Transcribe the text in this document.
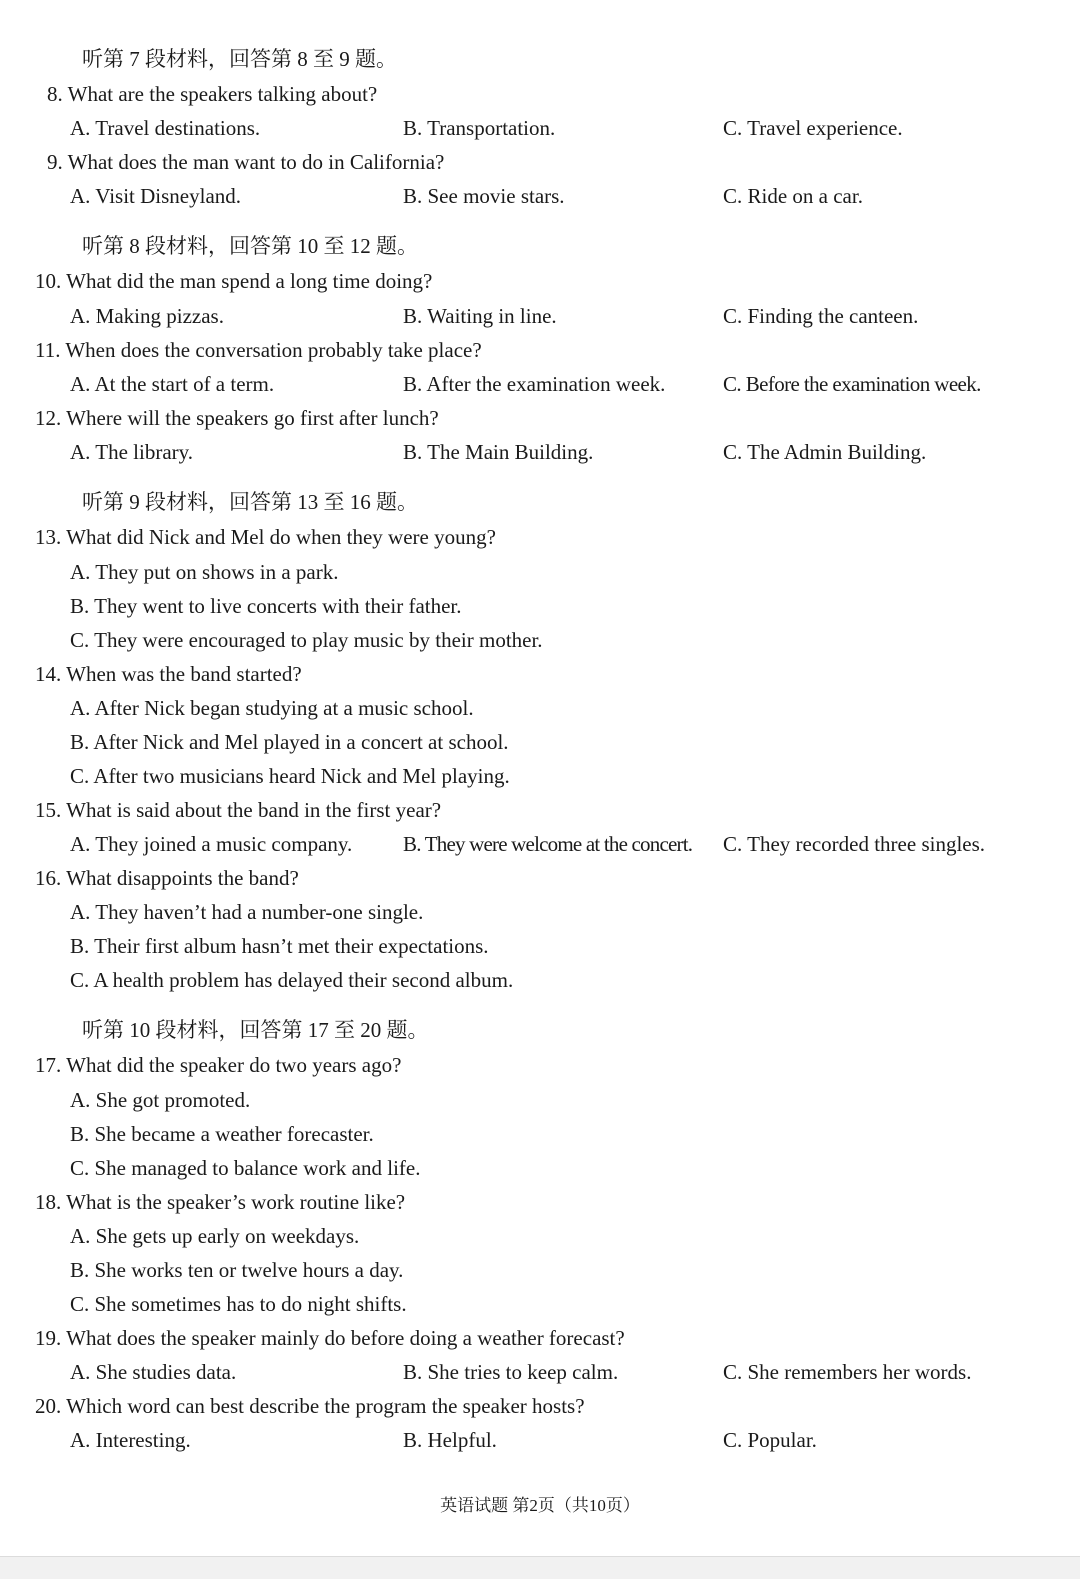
听第 7 段材料，回答第 8 至 9 题。
8. What are the speakers talking about?
A. Travel destinations.	B. Transportation.	C. Travel experience.
9. What does the man want to do in California?
A. Visit Disneyland.	B. See movie stars.	C. Ride on a car.
听第 8 段材料，回答第 10 至 12 题。
10. What did the man spend a long time doing?
A. Making pizzas.	B. Waiting in line.	C. Finding the canteen.
11. When does the conversation probably take place?
A. At the start of a term.	B. After the examination week.	C. Before the examination week.
12. Where will the speakers go first after lunch?
A. The library.	B. The Main Building.	C. The Admin Building.
听第 9 段材料，回答第 13 至 16 题。
13. What did Nick and Mel do when they were young?
A. They put on shows in a park.
B. They went to live concerts with their father.
C. They were encouraged to play music by their mother.
14. When was the band started?
A. After Nick began studying at a music school.
B. After Nick and Mel played in a concert at school.
C. After two musicians heard Nick and Mel playing.
15. What is said about the band in the first year?
A. They joined a music company. B. They were welcome at the concert. C. They recorded three singles.
16. What disappoints the band?
A. They haven’t had a number-one single.
B. Their first album hasn’t met their expectations.
C. A health problem has delayed their second album.
听第 10 段材料，回答第 17 至 20 题。
17. What did the speaker do two years ago?
A. She got promoted.
B. She became a weather forecaster.
C. She managed to balance work and life.
18. What is the speaker’s work routine like?
A. She gets up early on weekdays.
B. She works ten or twelve hours a day.
C. She sometimes has to do night shifts.
19. What does the speaker mainly do before doing a weather forecast?
A. She studies data.	B. She tries to keep calm.	C. She remembers her words.
20. Which word can best describe the program the speaker hosts?
A. Interesting.	B. Helpful.	C. Popular.
英语试题 第2页（共10页）
